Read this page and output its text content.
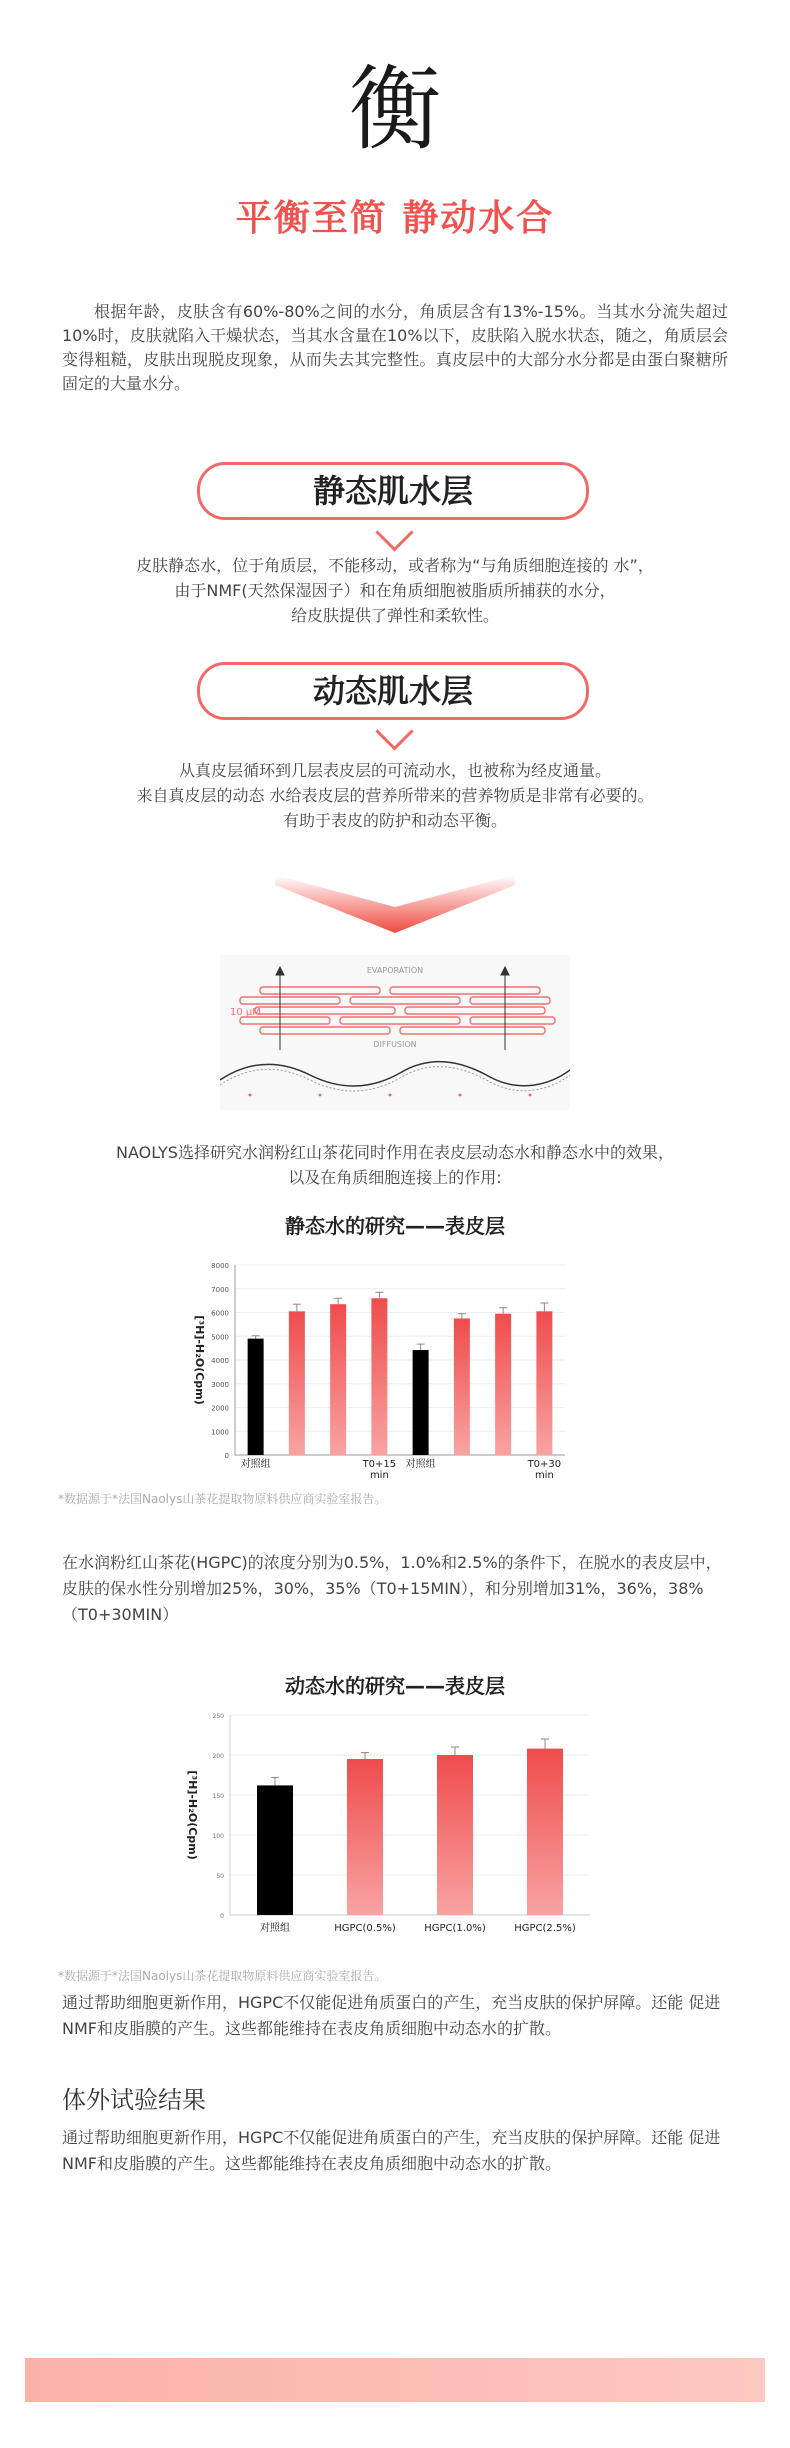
衡
平衡至简 静动水合
根据年龄，皮肤含有60%-80%之间的水分，角质层含有13%-15%。当其水分流失超过10%时，皮肤就陷入干燥状态，当其水含量在10%以下，皮肤陷入脱水状态，随之，角质层会变得粗糙，皮肤出现脱皮现象，从而失去其完整性。真皮层中的大部分水分都是由蛋白聚糖所固定的大量水分。
静态肌水层
皮肤静态水，位于角质层，不能移动，或者称为“与角质细胞连接的 水”，
由于NMF(天然保湿因子）和在角质细胞被脂质所捕获的水分，
给皮肤提供了弹性和柔软性。
动态肌水层
从真皮层循环到几层表皮层的可流动水，也被称为经皮通量。
来自真皮层的动态 水给表皮层的营养所带来的营养物质是非常有必要的。
有助于表皮的防护和动态平衡。
EVAPORATION
DIFFUSION
10 μM
NAOLYS选择研究水润粉红山茶花同时作用在表皮层动态水和静态水中的效果，
以及在角质细胞连接上的作用:
静态水的研究——表皮层
0
1000
2000
3000
4000
5000
6000
7000
8000
[³H]-H₂O(Cpm)
对照组	T0+15
min
对照组	T0+30
min
*数据源于*法国Naolys山茶花提取物原料供应商实验室报告。
在水润粉红山茶花(HGPC)的浓度分别为0.5%，1.0%和2.5%的条件下，在脱水的表皮层中，皮肤的保水性分别增加25%，30%，35%（T0+15MIN），和分别增加31%，36%，38%（T0+30MIN）
动态水的研究——表皮层
0
50
100
150
200
250
[³H]-H₂O(Cpm)
对照组	HGPC(0.5%)	HGPC(1.0%)	HGPC(2.5%)
*数据源于*法国Naolys山茶花提取物原料供应商实验室报告。
通过帮助细胞更新作用，HGPC不仅能促进角质蛋白的产生，充当皮肤的保护屏障。还能 促进NMF和皮脂膜的产生。这些都能维持在表皮角质细胞中动态水的扩散。
体外试验结果
通过帮助细胞更新作用，HGPC不仅能促进角质蛋白的产生，充当皮肤的保护屏障。还能 促进NMF和皮脂膜的产生。这些都能维持在表皮角质细胞中动态水的扩散。
